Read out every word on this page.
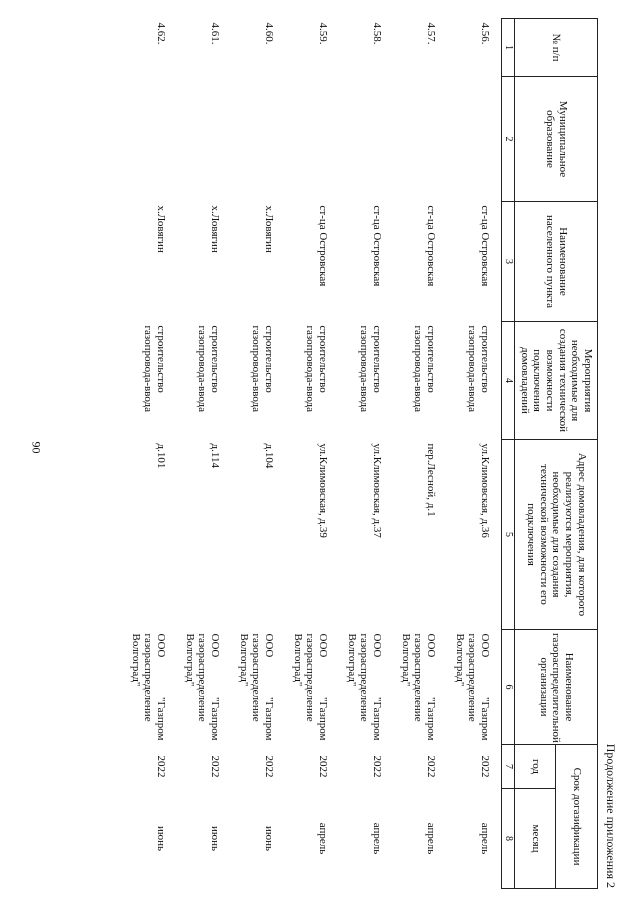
90
Продолжение приложения 2
№ п/п	Муниципальное образование	Наименование населенного пункта	Мероприятия необходимые для создания технической возможности подключения домовладений	Адрес домовладения, для которого реализуются мероприятия, необходимые для создания технической возможности его подключения	Наименование газораспределительной организации	Срок догазификации	
						год	месяц
1	2	3	4	5	6	7	8
4.56.		ст-ца Островская	строительство газопровода-ввода	ул.Климовская, д.36	ООО "Газпром газораспределение Волгоград"	2022	апрель
4.57.		ст-ца Островская	строительство газопровода-ввода	пер.Лесной, д.1	ООО "Газпром газораспределение Волгоград"	2022	апрель
4.58.		ст-ца Островская	строительство газопровода-ввода	ул.Климовская, д.37	ООО "Газпром газораспределение Волгоград"	2022	апрель
4.59.		ст-ца Островская	строительство газопровода-ввода	ул.Климовская, д.39	ООО "Газпром газораспределение Волгоград"	2022	апрель
4.60.		х.Ловягин	строительство газопровода-ввода	д.104	ООО "Газпром газораспределение Волгоград"	2022	июнь
4.61.		х.Ловягин	строительство газопровода-ввода	д.114	ООО "Газпром газораспределение Волгоград"	2022	июнь
4.62.		х.Ловягин	строительство газопровода-ввода	д.101	ООО "Газпром газораспределение Волгоград"	2022	июнь
